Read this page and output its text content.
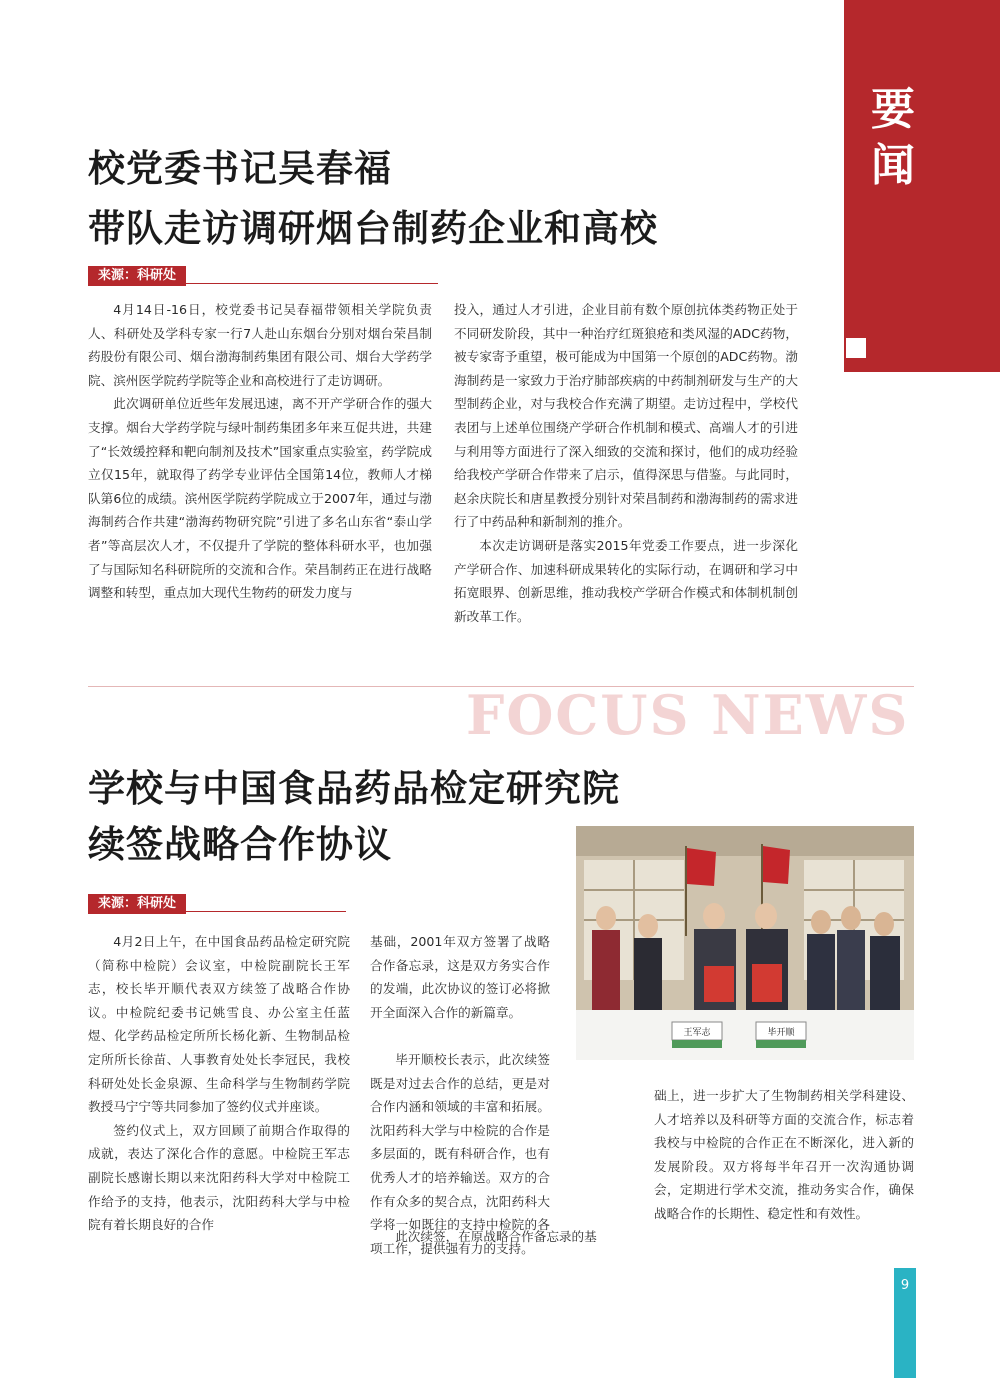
要闻
校党委书记吴春福
带队走访调研烟台制药企业和高校
来源：科研处

4月14日-16日，校党委书记吴春福带领相关学院负责人、科研处及学科专家一行7人赴山东烟台分别对烟台荣昌制药股份有限公司、烟台渤海制药集团有限公司、烟台大学药学院、滨州医学院药学院等企业和高校进行了走访调研。

此次调研单位近些年发展迅速，离不开产学研合作的强大支撑。烟台大学药学院与绿叶制药集团多年来互促共进，共建了“长效缓控释和靶向制剂及技术”国家重点实验室，药学院成立仅15年，就取得了药学专业评估全国第14位，教师人才梯队第6位的成绩。滨州医学院药学院成立于2007年，通过与渤海制药合作共建“渤海药物研究院”引进了多名山东省“泰山学者”等高层次人才，不仅提升了学院的整体科研水平，也加强了与国际知名科研院所的交流和合作。荣昌制药正在进行战略调整和转型，重点加大现代生物药的研发力度与

投入，通过人才引进，企业目前有数个原创抗体类药物正处于不同研发阶段，其中一种治疗红斑狼疮和类风湿的ADC药物，被专家寄予重望，极可能成为中国第一个原创的ADC药物。渤海制药是一家致力于治疗肺部疾病的中药制剂研发与生产的大型制药企业，对与我校合作充满了期望。走访过程中，学校代表团与上述单位围绕产学研合作机制和模式、高端人才的引进与利用等方面进行了深入细致的交流和探讨，他们的成功经验给我校产学研合作带来了启示，值得深思与借鉴。与此同时，赵余庆院长和唐星教授分别针对荣昌制药和渤海制药的需求进行了中药品种和新制剂的推介。

本次走访调研是落实2015年党委工作要点，进一步深化产学研合作、加速科研成果转化的实际行动，在调研和学习中拓宽眼界、创新思维，推动我校产学研合作模式和体制机制创新改革工作。

FOCUS NEWS
学校与中国食品药品检定研究院
续签战略合作协议
来源：科研处

4月2日上午，在中国食品药品检定研究院（简称中检院）会议室，中检院副院长王军志，校长毕开顺代表双方续签了战略合作协议。中检院纪委书记姚雪良、办公室主任蓝煜、化学药品检定所所长杨化新、生物制品检定所所长徐苗、人事教育处处长李冠民，我校科研处处长金泉源、生命科学与生物制药学院教授马宁宁等共同参加了签约仪式并座谈。

签约仪式上，双方回顾了前期合作取得的成就，表达了深化合作的意愿。中检院王军志副院长感谢长期以来沈阳药科大学对中检院工作给予的支持，他表示，沈阳药科大学与中检院有着长期良好的合作

基础，2001年双方签署了战略合作备忘录，这是双方务实合作的发端，此次协议的签订必将掀开全面深入合作的新篇章。

毕开顺校长表示，此次续签既是对过去合作的总结，更是对合作内涵和领域的丰富和拓展。沈阳药科大学与中检院的合作是多层面的，既有科研合作，也有优秀人才的培养输送。双方的合作有众多的契合点，沈阳药科大学将一如既往的支持中检院的各项工作，提供强有力的支持。

此次续签，在原战略合作备忘录的基

础上，进一步扩大了生物制药相关学科建设、人才培养以及科研等方面的交流合作，标志着我校与中检院的合作正在不断深化，进入新的发展阶段。双方将每半年召开一次沟通协调会，定期进行学术交流，推动务实合作，确保战略合作的长期性、稳定性和有效性。

王军志	毕开顺
9
